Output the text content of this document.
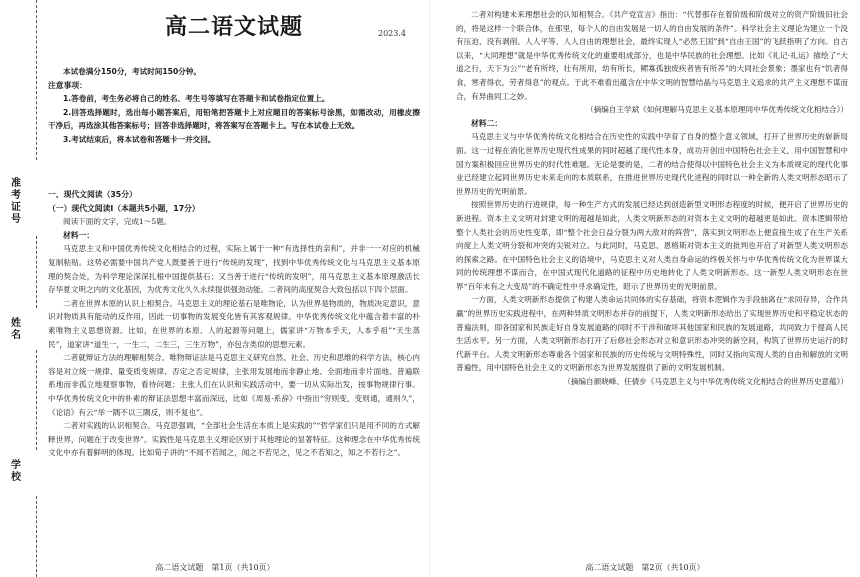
准考证号
姓名
学校
高二语文试题	2023.4
本试卷满分150分，考试时间150分钟。
注意事项：
1.答卷前，考生务必将自己的姓名、考生号等填写在答题卡和试卷指定位置上。
2.回答选择题时，选出每小题答案后，用铅笔把答题卡上对应题目的答案标号涂黑，如需改动，用橡皮擦干净后，再选涂其他答案标号；回答非选择题时，将答案写在答题卡上。写在本试卷上无效。
3.考试结束后，将本试卷和答题卡一并交回。
一、现代文阅读（35分）
（一）现代文阅读Ⅰ（本题共5小题，17分）
阅读下面的文字，完成1～5题。
材料一：
马克思主义和中国优秀传统文化相结合的过程，实际上属于一种“有选择性的亲和”，并非一一对应的机械复制粘贴。这势必需要中国共产党人既要善于进行“传统的发现”，找到中华优秀传统文化与马克思主义基本原理的契合处，为科学理论深深扎根中国提供基石；又当善于进行“传统的发明”，用马克思主义基本原理激活长存华夏文明之内的文化基因，为优秀文化久久永续提供强劲动能。二者间的高度契合大致包括以下四个层面。
二者在世界本原的认识上相契合。马克思主义的理论基石是唯物论，认为世界是物质的，物质决定意识，意识对物质具有能动的反作用，因此一切事物的发展变化皆有其客观规律。中华优秀传统文化中蕴含着丰富的朴素唯物主义思想资源。比如，在世界的本原、人的起源等问题上，儒家讲“万物本乎天，人本乎祖”“天生蒸民”，道家讲“道生一，一生二，二生三，三生万物”，亦包含类似的思想元素。
二者就辩证方法的理解相契合。唯物辩证法是马克思主义研究自然、社会、历史和思维的科学方法，核心内容是对立统一规律、量变质变规律、否定之否定规律，主张用发展地而非静止地、全面地而非片面地、普遍联系地而非孤立地观察事物，看待问题；主张人们在认识和实践活动中，要一切从实际出发，按事物规律行事。中华优秀传统文化中的朴素的辩证法思想丰富而深远，比如《周易·系辞》中指出“穷则变，变则通，通则久”，《论语》有云“举一隅不以三隅反，则不复也”。
二者对实践的认识相契合。马克思强调，“全部社会生活在本质上是实践的”“哲学家们只是用不同的方式解释世界，问题在于改变世界”。实践性是马克思主义理论区别于其他理论的显著特征。这种理念在中华优秀传统文化中亦有着鲜明的体现。比如荀子讲的“不闻不若闻之，闻之不若见之，见之不若知之，知之不若行之”。
高二语文试题　第1页（共10页）
二者对构建未来理想社会的认知相契合。《共产党宣言》指出：“代替那存在着阶级和阶级对立的资产阶级旧社会的，将是这样一个联合体，在那里，每个人的自由发展是一切人的自由发展的条件”。科学社会主义理论为建立一个没有压迫、没有剥削、人人平等、人人自由的理想社会，最终实现人“必然王国”到“自由王国”的飞跃指明了方向。自古以来，“大同理想”就是中华优秀传统文化的重要组成部分，也是中华民族的社会理想。比如《礼记·礼运》描绘了“大道之行，天下为公”“老有所终，壮有所用，幼有所长，鳏寡孤独废疾者皆有所养”的大同社会景象；墨家也有“饥者得食，寒者得衣，劳者得息”的观点。于此不难看出蕴含在中华文明的智慧结晶与马克思主义追求的共产主义理想不谋而合，有异曲同工之妙。
（摘编自王学斌《如何理解马克思主义基本原理同中华优秀传统文化相结合》）
材料二：
马克思主义与中华优秀传统文化相结合在历史性的实践中孕育了自身的整个意义领域，打开了世界历史的崭新局面。这一过程在消化世界历史现代性成果的同时超越了现代性本身，成功开创出中国特色社会主义，用中国智慧和中国方案积极回应世界历史的时代性难题。无论是要的是，二者的结合使得以中国特色社会主义为本质规定的现代化事业已经建立起同世界历史未来走向的本质联系，在推进世界历史现代化进程的同时以一种全新的人类文明形态昭示了世界历史的光明前景。
按照世界历史的行进规律，每一种生产方式的发展已经达到创造新型文明形态程度的时候，便开启了世界历史的新进程。资本主义文明对封建文明的超越是如此，人类文明新形态的对资本主义文明的超越更是如此。资本逻辑带给整个人类社会的历史性变革，即“整个社会日益分裂为两大敌对的阵营”，落实到文明形态上便直接生成了在生产关系向度上人类文明分裂和冲突的尖锐对立。与此同时，马克思、恩格斯对资本主义的批判也开启了对新型人类文明形态的探索之路。在中国特色社会主义的语境中，马克思主义对人类自身命运的终极关怀与中华优秀传统文化为世界谋大同的传统理想不谋而合，在中国式现代化道路的征程中历史地转化了人类文明新形态。这一新型人类文明形态在世界“百年未有之大变局”的不确定性中寻求确定性，昭示了世界历史的光明前景。
一方面，人类文明新形态提供了构建人类命运共同体的实存基础，将资本逻辑作为手段抽离在“求同存异，合作共赢”的世界历史实践进程中，在两种异质文明形态并存的前提下，人类文明新形态给出了实现世界历史和平稳定状态的普遍法则，即各国家和民族走好自身发展道路的同时不干涉和破坏其他国家和民族的发展道路，共同致力于提高人民生活水平。另一方面，人类文明新形态打开了后修社会形态对立和意识形态冲突的新空间，构筑了世界历史运行的时代新平台。人类文明新形态尊重各个国家和民族的历史传统与文明特殊性，同时又指向实现人类的自由和解放的文明普遍性，用中国特色社会主义的文明新形态为世界发展提供了新的文明发展机制。
（摘编自颜晓峰、任倩步《马克思主义与中华优秀传统文化相结合的世界历史意蕴》）
高二语文试题　第2页（共10页）
